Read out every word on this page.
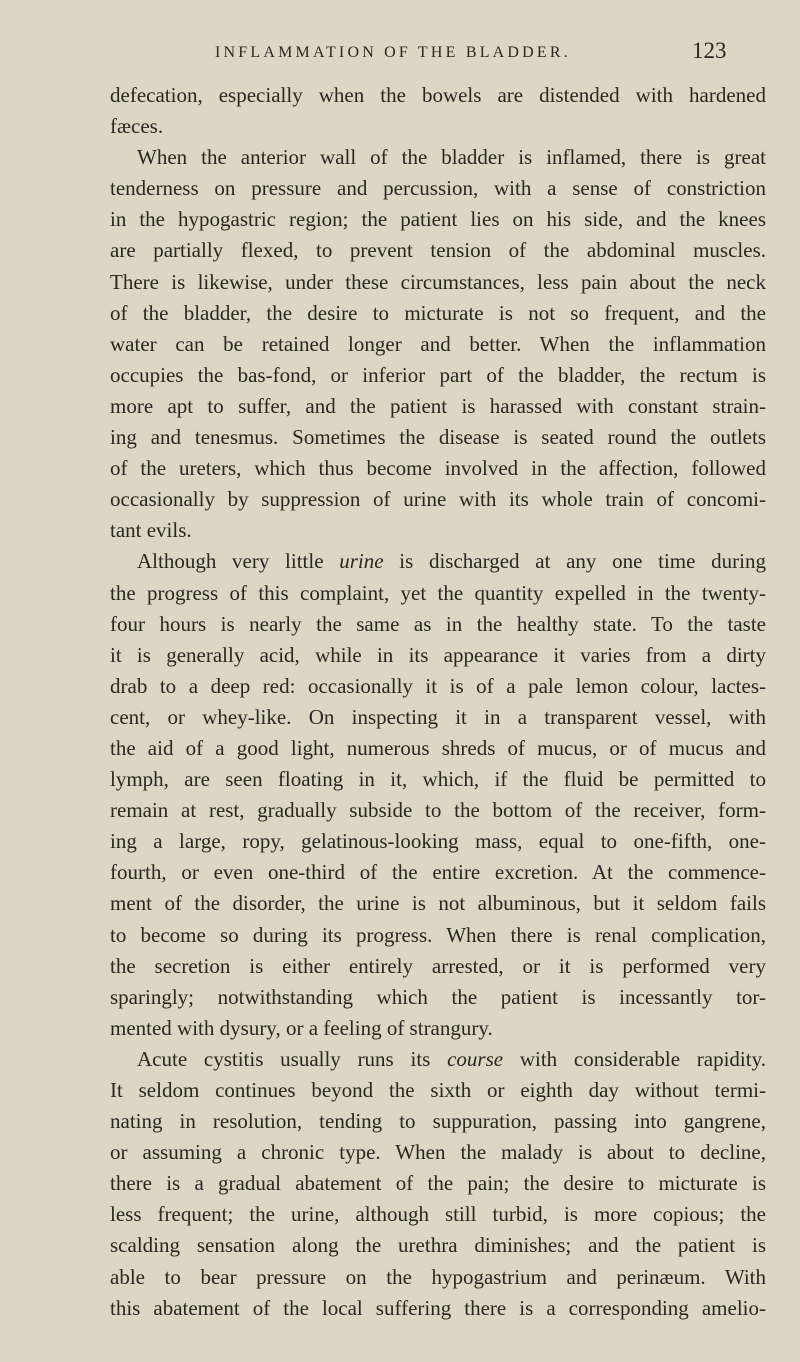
INFLAMMATION OF THE BLADDER.	123
defecation, especially when the bowels are distended with hardened
fæces.
When the anterior wall of the bladder is inflamed, there is great
tenderness on pressure and percussion, with a sense of constriction
in the hypogastric region; the patient lies on his side, and the knees
are partially flexed, to prevent tension of the abdominal muscles.
There is likewise, under these circumstances, less pain about the neck
of the bladder, the desire to micturate is not so frequent, and the
water can be retained longer and better. When the inflammation
occupies the bas-fond, or inferior part of the bladder, the rectum is
more apt to suffer, and the patient is harassed with constant strain-
ing and tenesmus. Sometimes the disease is seated round the outlets
of the ureters, which thus become involved in the affection, followed
occasionally by suppression of urine with its whole train of concomi-
tant evils.
Although very little urine is discharged at any one time during
the progress of this complaint, yet the quantity expelled in the twenty-
four hours is nearly the same as in the healthy state. To the taste
it is generally acid, while in its appearance it varies from a dirty
drab to a deep red: occasionally it is of a pale lemon colour, lactes-
cent, or whey-like. On inspecting it in a transparent vessel, with
the aid of a good light, numerous shreds of mucus, or of mucus and
lymph, are seen floating in it, which, if the fluid be permitted to
remain at rest, gradually subside to the bottom of the receiver, form-
ing a large, ropy, gelatinous-looking mass, equal to one-fifth, one-
fourth, or even one-third of the entire excretion. At the commence-
ment of the disorder, the urine is not albuminous, but it seldom fails
to become so during its progress. When there is renal complication,
the secretion is either entirely arrested, or it is performed very
sparingly; notwithstanding which the patient is incessantly tor-
mented with dysury, or a feeling of strangury.
Acute cystitis usually runs its course with considerable rapidity.
It seldom continues beyond the sixth or eighth day without termi-
nating in resolution, tending to suppuration, passing into gangrene,
or assuming a chronic type. When the malady is about to decline,
there is a gradual abatement of the pain; the desire to micturate is
less frequent; the urine, although still turbid, is more copious; the
scalding sensation along the urethra diminishes; and the patient is
able to bear pressure on the hypogastrium and perinæum. With
this abatement of the local suffering there is a corresponding amelio-
